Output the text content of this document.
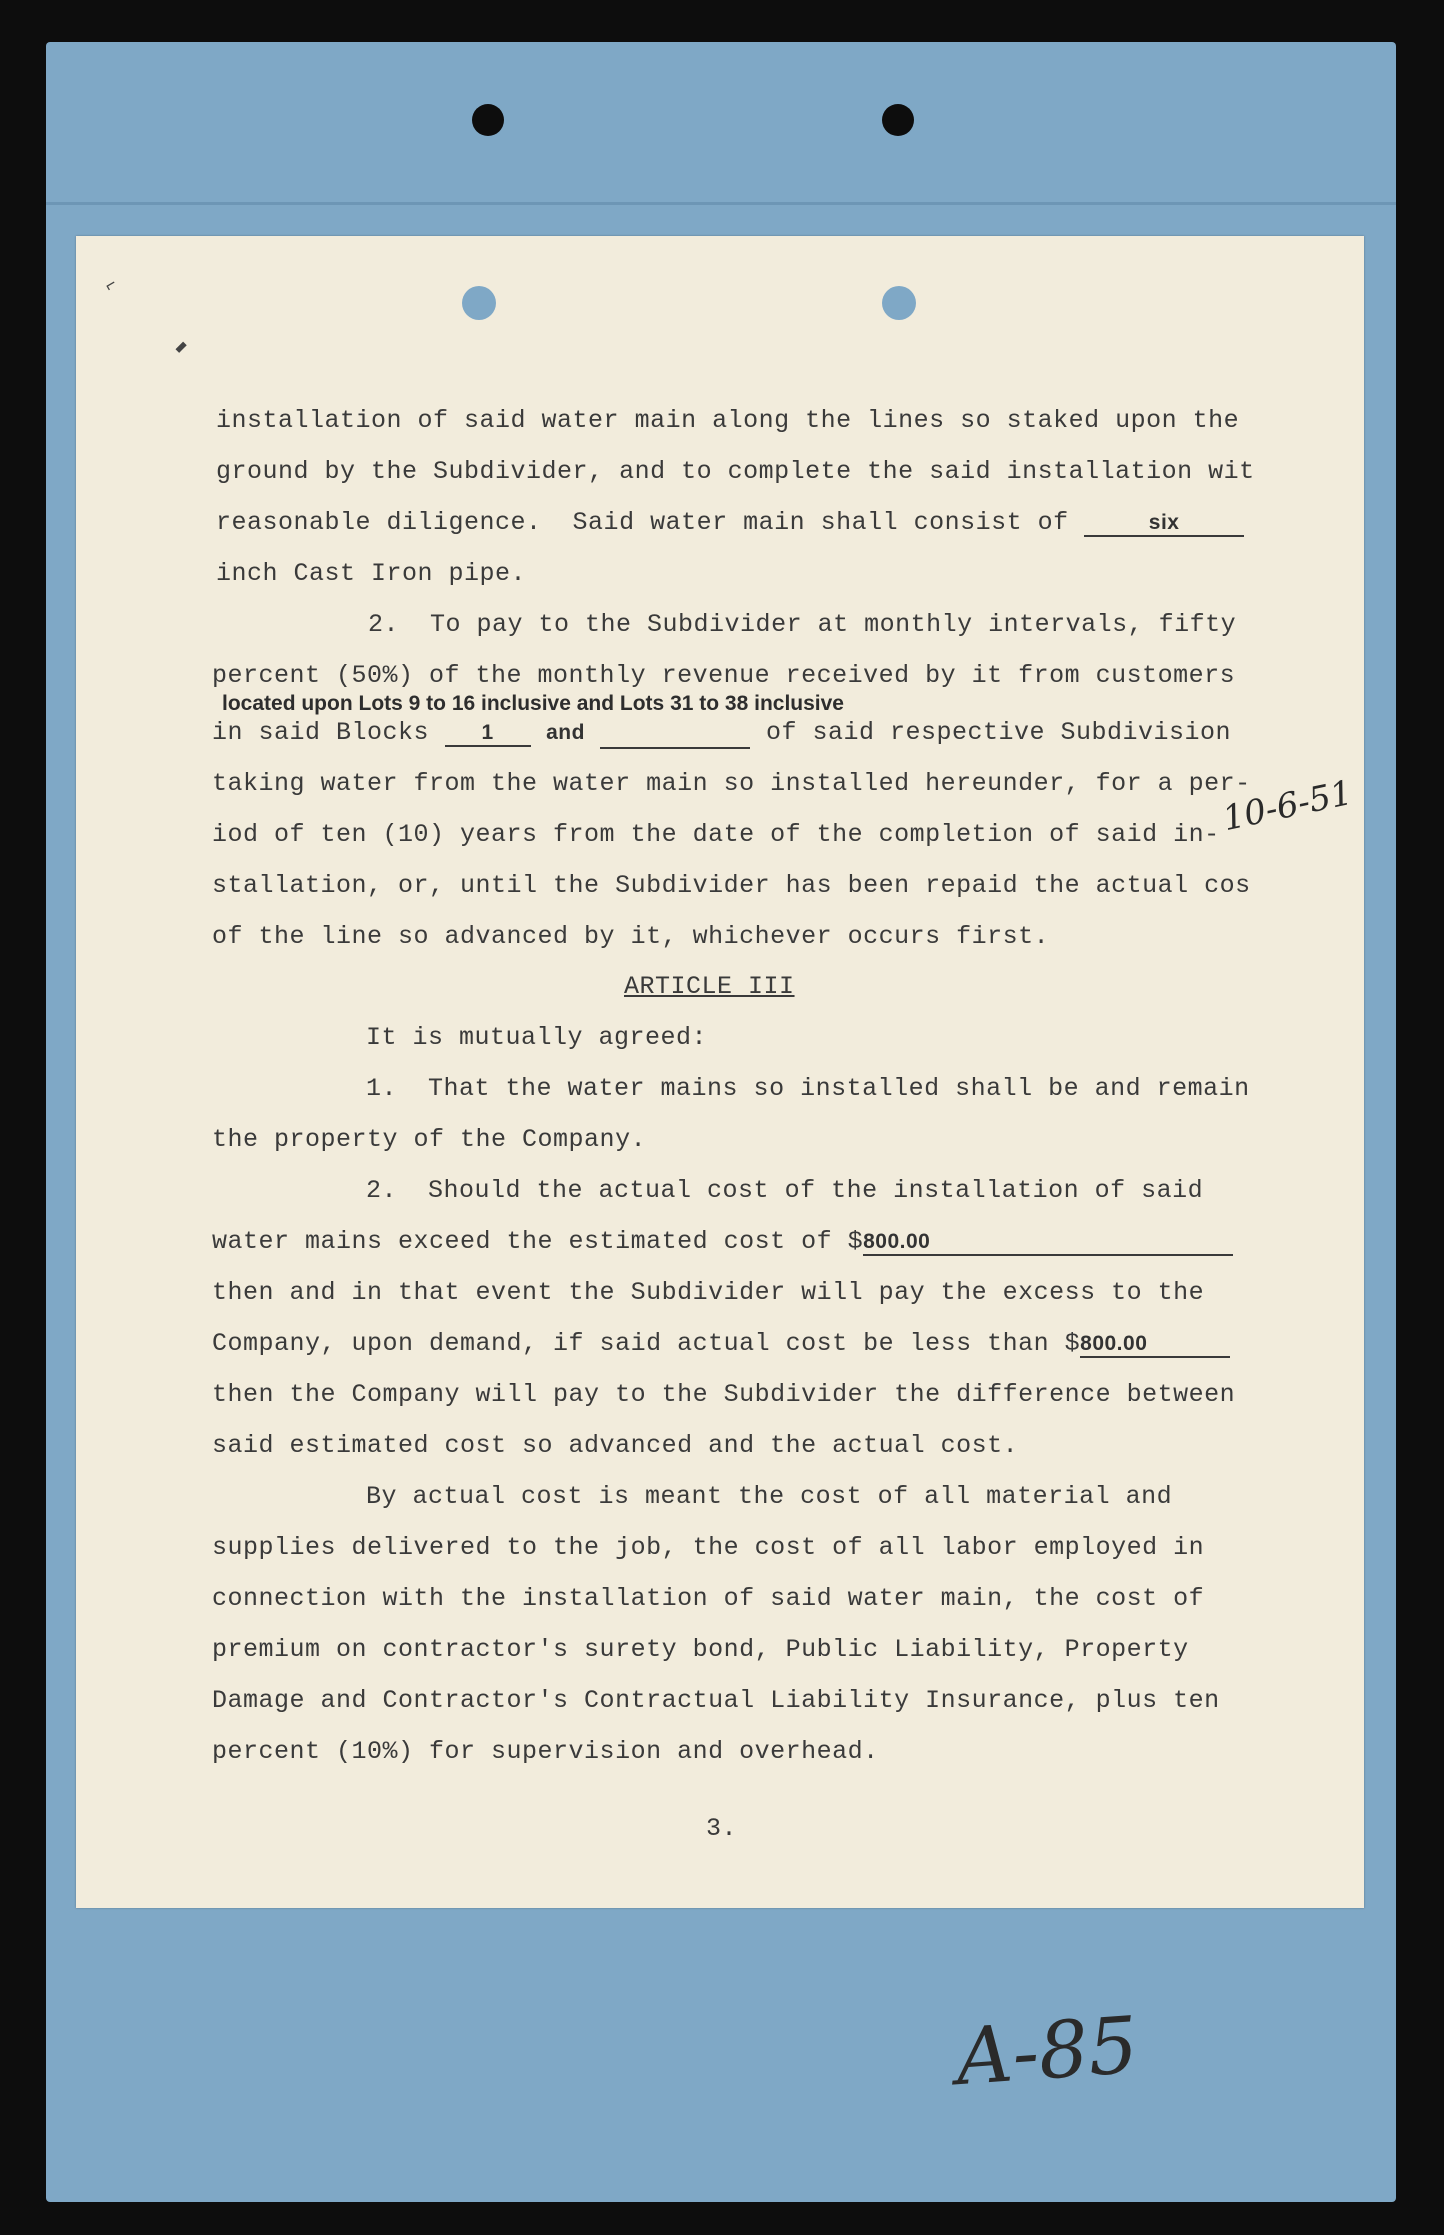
A-85
⌐
▮
installation of said water main along the lines so staked upon the
ground by the Subdivider, and to complete the said installation wit
reasonable diligence.  Said water main shall consist of	six
inch Cast Iron pipe.
2.  To pay to the Subdivider at monthly intervals, fifty
percent (50%) of the monthly revenue received by it from customers
located upon Lots 9 to 16 inclusive and Lots 31 to 38 inclusive
in said Blocks 1 and	of said respective Subdivision
taking water from the water main so installed hereunder, for a per-
iod of ten (10) years from the date of the completion of said in-
stallation, or, until the Subdivider has been repaid the actual cos
of the line so advanced by it, whichever occurs first.
ARTICLE III
It is mutually agreed:
1.  That the water mains so installed shall be and remain
the property of the Company.
2.  Should the actual cost of the installation of said
water mains exceed the estimated cost of $800.00
then and in that event the Subdivider will pay the excess to the
Company, upon demand, if said actual cost be less than $800.00
then the Company will pay to the Subdivider the difference between
said estimated cost so advanced and the actual cost.
By actual cost is meant the cost of all material and
supplies delivered to the job, the cost of all labor employed in
connection with the installation of said water main, the cost of
premium on contractor's surety bond, Public Liability, Property
Damage and Contractor's Contractual Liability Insurance, plus ten
percent (10%) for supervision and overhead.
3.
10-6-51
